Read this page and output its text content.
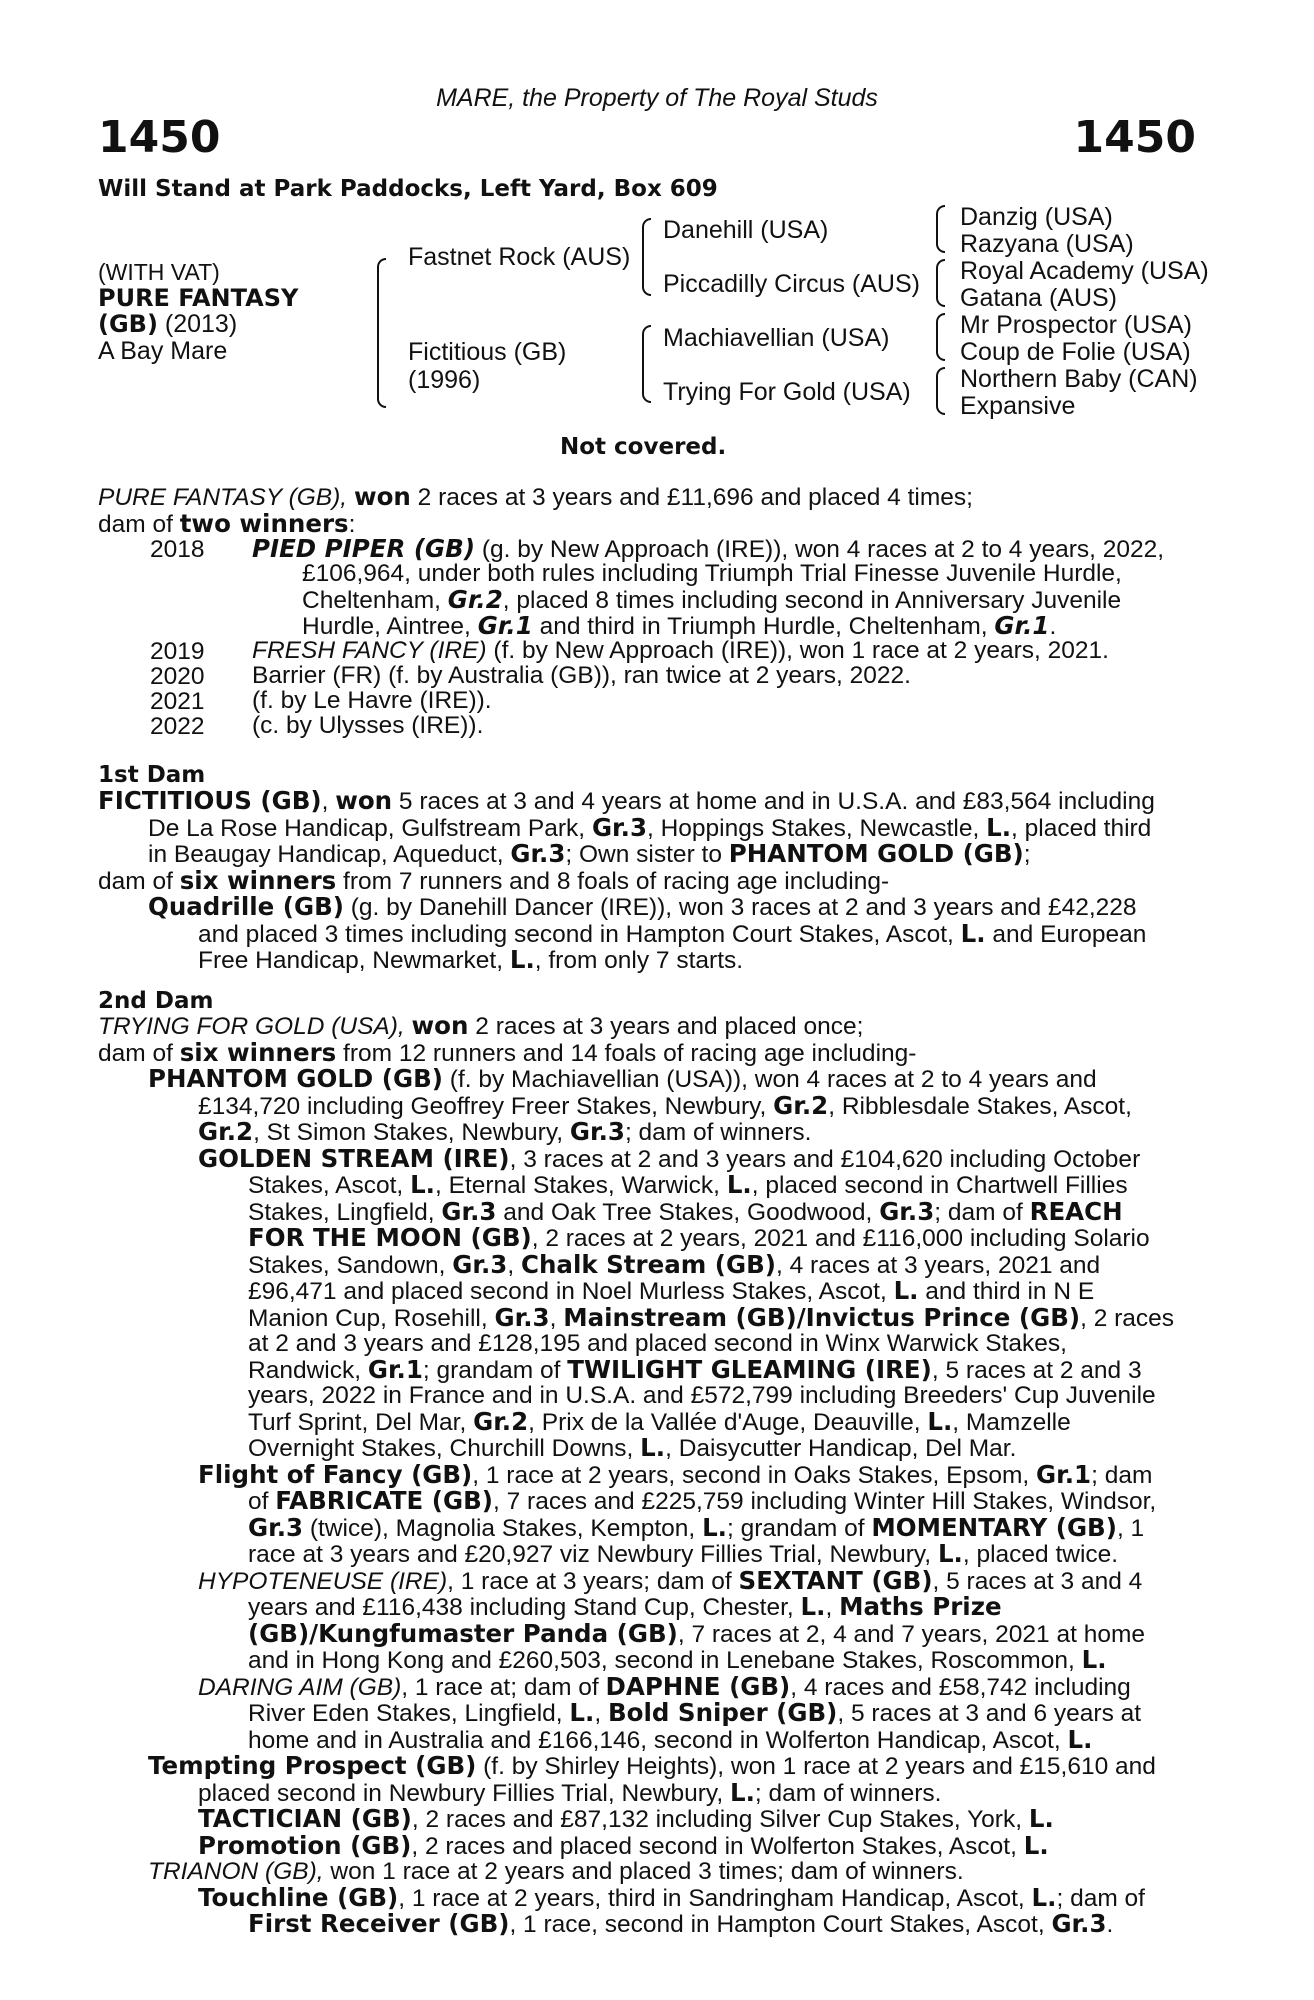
MARE, the Property of The Royal Studs
1450	1450
Will Stand at Park Paddocks, Left Yard, Box 609
(WITH VAT)
PURE FANTASY
(GB) (2013)
A Bay Mare
Fastnet Rock (AUS)
Fictitious (GB)
(1996)
Danehill (USA)
Piccadilly Circus (AUS)
Machiavellian (USA)
Trying For Gold (USA)
Danzig (USA)
Razyana (USA)
Royal Academy (USA)
Gatana (AUS)
Mr Prospector (USA)
Coup de Folie (USA)
Northern Baby (CAN)
Expansive
Not covered.
PURE FANTASY (GB), won 2 races at 3 years and £11,696 and placed 4 times;
dam of two winners:
2018 PIED PIPER (GB) (g. by New Approach (IRE)), won 4 races at 2 to 4 years, 2022,
£106,964, under both rules including Triumph Trial Finesse Juvenile Hurdle,
Cheltenham, Gr.2, placed 8 times including second in Anniversary Juvenile
Hurdle, Aintree, Gr.1 and third in Triumph Hurdle, Cheltenham, Gr.1.
2019 FRESH FANCY (IRE) (f. by New Approach (IRE)), won 1 race at 2 years, 2021.
2020 Barrier (FR) (f. by Australia (GB)), ran twice at 2 years, 2022.
2021 (f. by Le Havre (IRE)).
2022 (c. by Ulysses (IRE)).
1st Dam
FICTITIOUS (GB), won 5 races at 3 and 4 years at home and in U.S.A. and £83,564 including
De La Rose Handicap, Gulfstream Park, Gr.3, Hoppings Stakes, Newcastle, L., placed third
in Beaugay Handicap, Aqueduct, Gr.3; Own sister to PHANTOM GOLD (GB);
dam of six winners from 7 runners and 8 foals of racing age including-
Quadrille (GB) (g. by Danehill Dancer (IRE)), won 3 races at 2 and 3 years and £42,228
and placed 3 times including second in Hampton Court Stakes, Ascot, L. and European
Free Handicap, Newmarket, L., from only 7 starts.
2nd Dam
TRYING FOR GOLD (USA), won 2 races at 3 years and placed once;
dam of six winners from 12 runners and 14 foals of racing age including-
PHANTOM GOLD (GB) (f. by Machiavellian (USA)), won 4 races at 2 to 4 years and
£134,720 including Geoffrey Freer Stakes, Newbury, Gr.2, Ribblesdale Stakes, Ascot,
Gr.2, St Simon Stakes, Newbury, Gr.3; dam of winners.
GOLDEN STREAM (IRE), 3 races at 2 and 3 years and £104,620 including October
Stakes, Ascot, L., Eternal Stakes, Warwick, L., placed second in Chartwell Fillies
Stakes, Lingfield, Gr.3 and Oak Tree Stakes, Goodwood, Gr.3; dam of REACH
FOR THE MOON (GB), 2 races at 2 years, 2021 and £116,000 including Solario
Stakes, Sandown, Gr.3, Chalk Stream (GB), 4 races at 3 years, 2021 and
£96,471 and placed second in Noel Murless Stakes, Ascot, L. and third in N E
Manion Cup, Rosehill, Gr.3, Mainstream (GB)/Invictus Prince (GB), 2 races
at 2 and 3 years and £128,195 and placed second in Winx Warwick Stakes,
Randwick, Gr.1; grandam of TWILIGHT GLEAMING (IRE), 5 races at 2 and 3
years, 2022 in France and in U.S.A. and £572,799 including Breeders' Cup Juvenile
Turf Sprint, Del Mar, Gr.2, Prix de la Vallée d'Auge, Deauville, L., Mamzelle
Overnight Stakes, Churchill Downs, L., Daisycutter Handicap, Del Mar.
Flight of Fancy (GB), 1 race at 2 years, second in Oaks Stakes, Epsom, Gr.1; dam
of FABRICATE (GB), 7 races and £225,759 including Winter Hill Stakes, Windsor,
Gr.3 (twice), Magnolia Stakes, Kempton, L.; grandam of MOMENTARY (GB), 1
race at 3 years and £20,927 viz Newbury Fillies Trial, Newbury, L., placed twice.
HYPOTENEUSE (IRE), 1 race at 3 years; dam of SEXTANT (GB), 5 races at 3 and 4
years and £116,438 including Stand Cup, Chester, L., Maths Prize
(GB)/Kungfumaster Panda (GB), 7 races at 2, 4 and 7 years, 2021 at home
and in Hong Kong and £260,503, second in Lenebane Stakes, Roscommon, L.
DARING AIM (GB), 1 race at; dam of DAPHNE (GB), 4 races and £58,742 including
River Eden Stakes, Lingfield, L., Bold Sniper (GB), 5 races at 3 and 6 years at
home and in Australia and £166,146, second in Wolferton Handicap, Ascot, L.
Tempting Prospect (GB) (f. by Shirley Heights), won 1 race at 2 years and £15,610 and
placed second in Newbury Fillies Trial, Newbury, L.; dam of winners.
TACTICIAN (GB), 2 races and £87,132 including Silver Cup Stakes, York, L.
Promotion (GB), 2 races and placed second in Wolferton Stakes, Ascot, L.
TRIANON (GB), won 1 race at 2 years and placed 3 times; dam of winners.
Touchline (GB), 1 race at 2 years, third in Sandringham Handicap, Ascot, L.; dam of
First Receiver (GB), 1 race, second in Hampton Court Stakes, Ascot, Gr.3.
